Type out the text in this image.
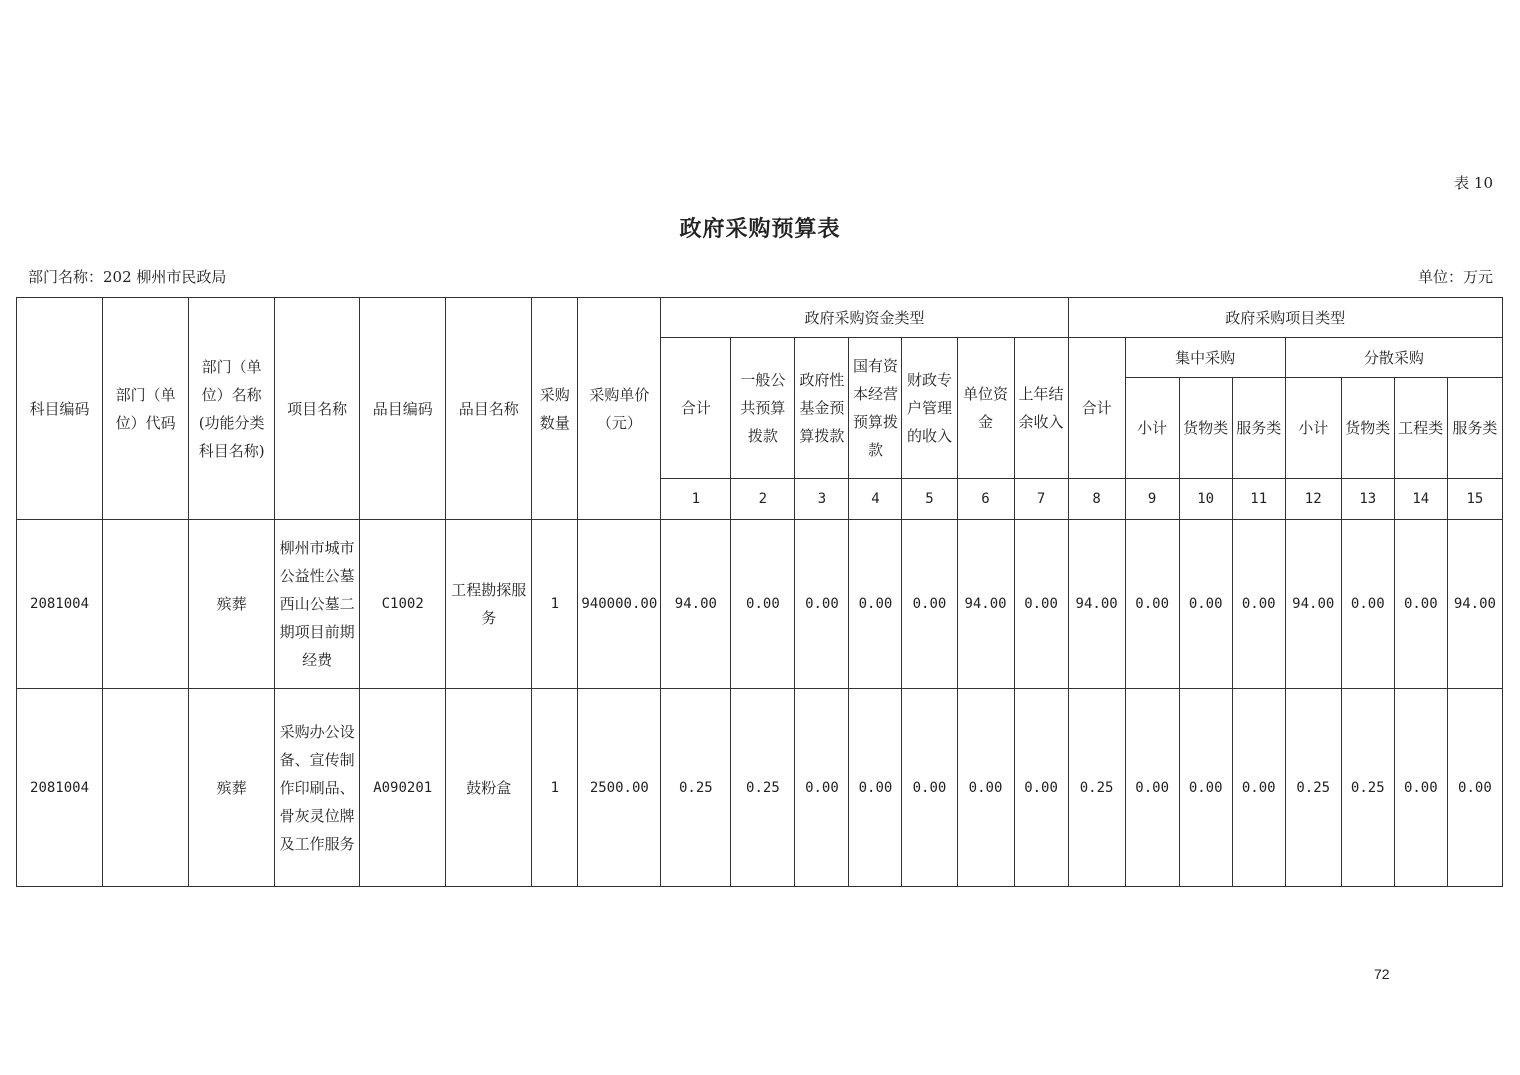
表 10
政府采购预算表
部门名称：202 柳州市民政局	单位：万元
科目编码	部门（单位）代码	部门（单位）名称(功能分类科目名称)	项目名称	品目编码	品目名称	采购数量	采购单价（元）	政府采购资金类型							政府采购项目类型							
								合计	一般公共预算拨款	政府性基金预算拨款	国有资本经营预算拨款	财政专户管理的收入	单位资金	上年结余收入	合计	集中采购			分散采购			
																小计	货物类	服务类	小计	货物类	工程类	服务类
								1	2	3	4	5	6	7	8	9	10	11	12	13	14	15
2081004		殡葬	柳州市城市公益性公墓西山公墓二期项目前期经费	C1002	工程勘探服务	1	940000.00	94.00	0.00	0.00	0.00	0.00	94.00	0.00	94.00	0.00	0.00	0.00	94.00	0.00	0.00	94.00
2081004		殡葬	采购办公设备、宣传制作印刷品、骨灰灵位牌及工作服务	A090201	鼓粉盒	1	2500.00	0.25	0.25	0.00	0.00	0.00	0.00	0.00	0.25	0.00	0.00	0.00	0.25	0.25	0.00	0.00
72
